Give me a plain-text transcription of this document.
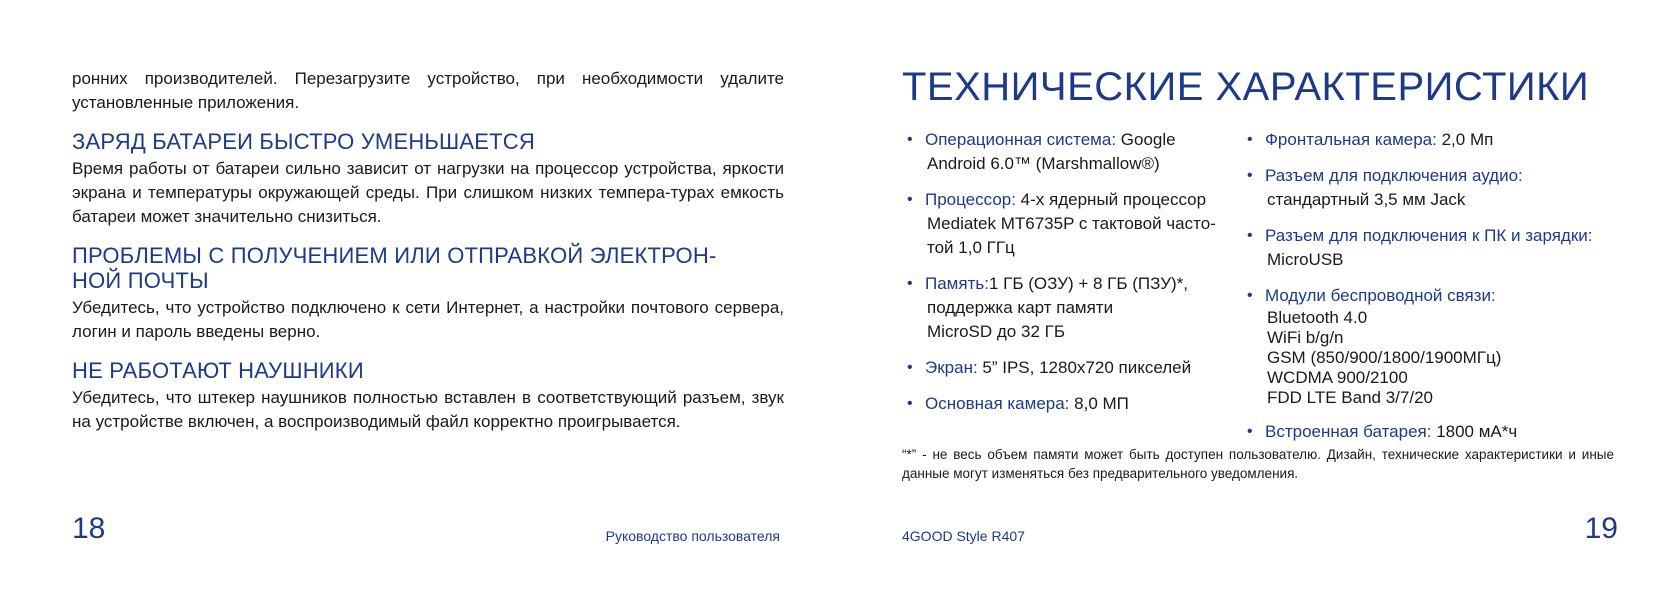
ронних производителей. Перезагрузите устройство, при необходимости удалите установленные приложения.

ЗАРЯД БАТАРЕИ БЫСТРО УМЕНЬШАЕТСЯ

Время работы от батареи сильно зависит от нагрузки на процессор устройства, яркости экрана и температуры окружающей среды. При слишком низких темпера-турах емкость батареи может значительно снизиться.

ПРОБЛЕМЫ С ПОЛУЧЕНИЕМ ИЛИ ОТПРАВКОЙ ЭЛЕКТРОН-НОЙ ПОЧТЫ

Убедитесь, что устройство подключено к сети Интернет, а настройки почтового сервера, логин и пароль введены верно.

НЕ РАБОТАЮТ НАУШНИКИ

Убедитесь, что штекер наушников полностью вставлен в соответствующий разъем, звук на устройстве включен, а воспроизводимый файл корректно проигрывается.

18	Руководство пользователя
ТЕХНИЧЕСКИЕ ХАРАКТЕРИСТИКИ
• Операционная система: Google
Android 6.0™ (Marshmallow®)
• Процессор: 4-х ядерный процессор
Mediatek MT6735P с тактовой часто-
той 1,0 ГГц
• Память:1 ГБ (ОЗУ) + 8 ГБ (ПЗУ)*,
поддержка карт памяти
MicroSD до 32 ГБ
• Экран: 5” IPS, 1280x720 пикселей
• Основная камера: 8,0 МП
• Фронтальная камера: 2,0 Мп
• Разъем для подключения аудио:
стандартный 3,5 мм Jack
• Разъем для подключения к ПК и зарядки:
MicroUSB
• Модули беспроводной связи:
Bluetooth 4.0
WiFi b/g/n
GSM (850/900/1800/1900МГц)
WCDMA 900/2100
FDD LTE Band 3/7/20
• Встроенная батарея: 1800 мА*ч

“*” - не весь объем памяти может быть доступен пользователю. Дизайн, технические характеристики и иные данные могут изменяться без предварительного уведомления.

4GOOD Style R407	19
